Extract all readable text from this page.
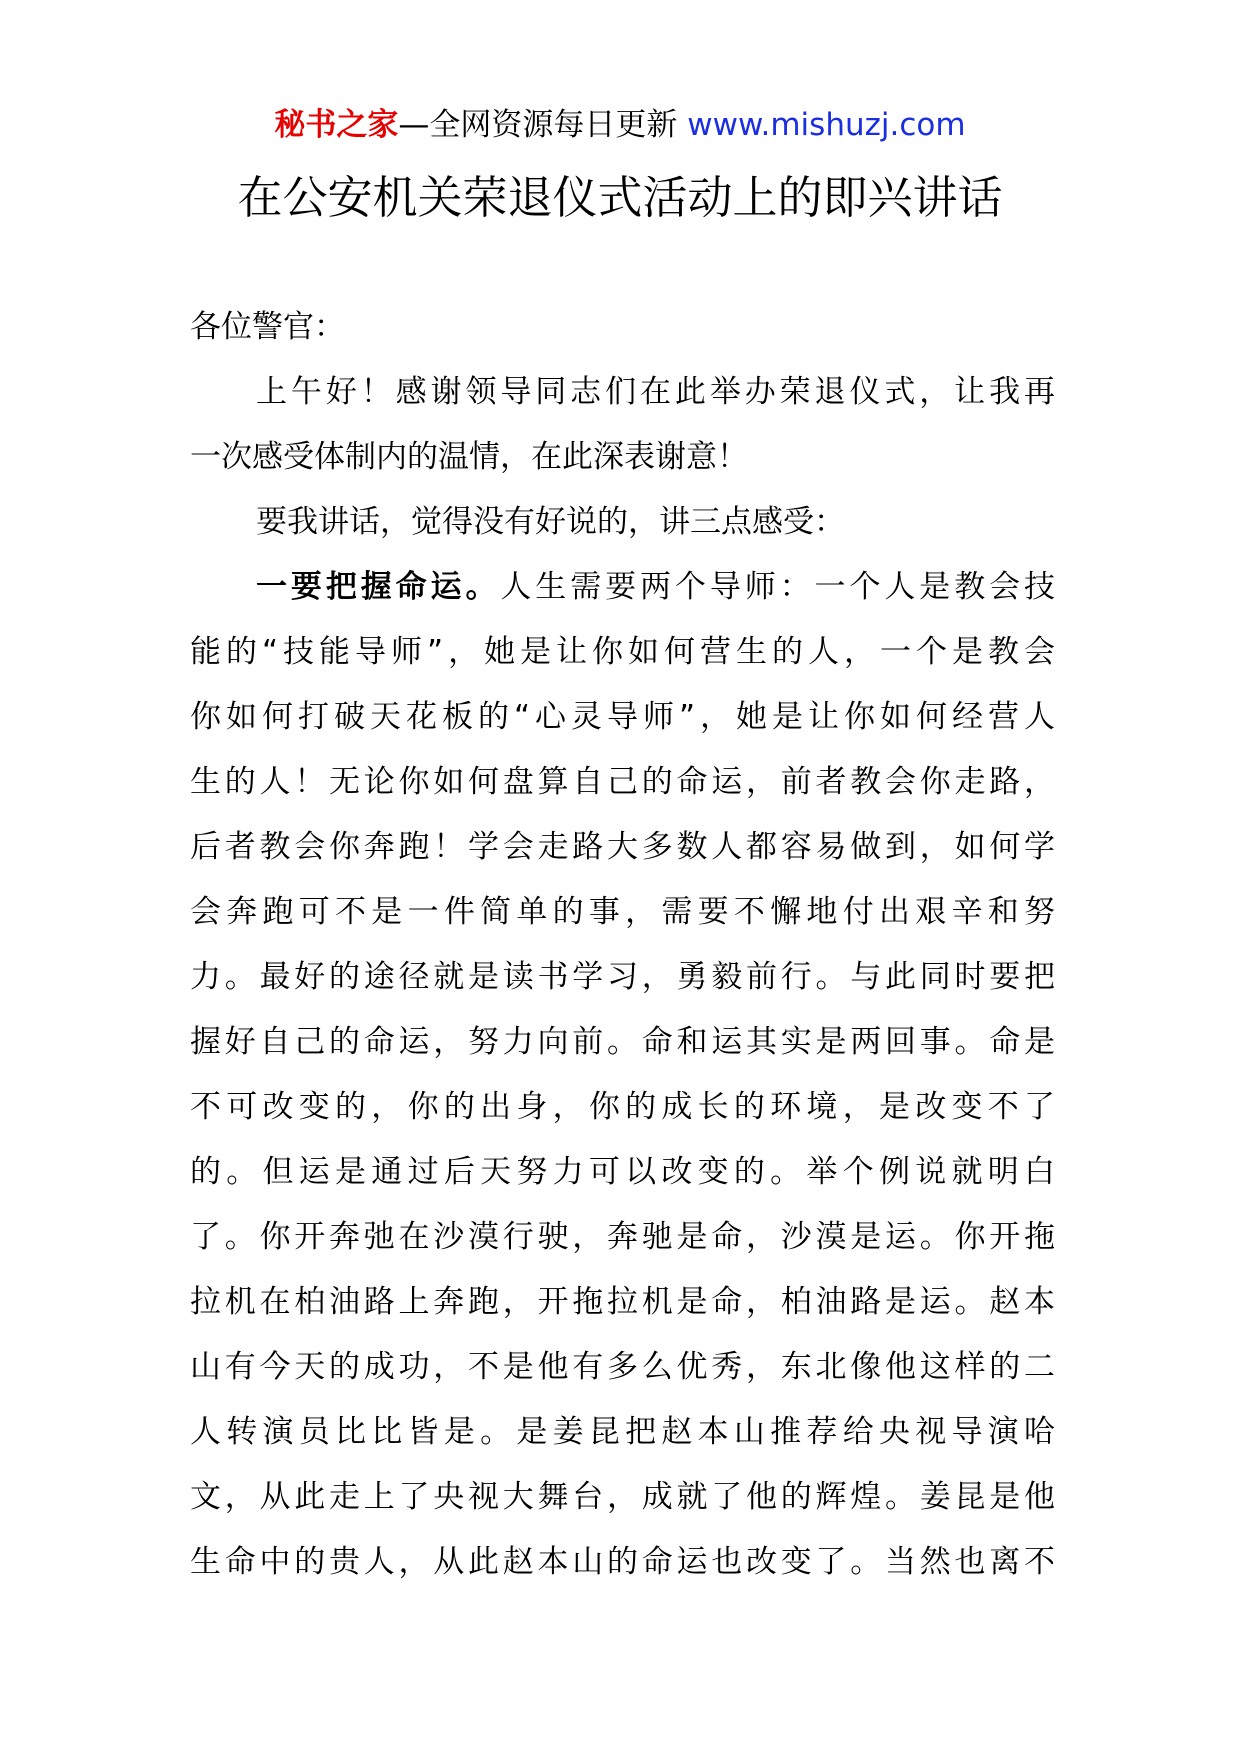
秘书之家—全网资源每日更新 www.mishuzj.com
在公安机关荣退仪式活动上的即兴讲话
各位警官：

上午好！感谢领导同志们在此举办荣退仪式，让我再
一次感受体制内的温情，在此深表谢意！

要我讲话，觉得没有好说的，讲三点感受：

一要把握命运。人生需要两个导师：一个人是教会技
能的“技能导师”，她是让你如何营生的人，一个是教会
你如何打破天花板的“心灵导师”，她是让你如何经营人
生的人！无论你如何盘算自己的命运，前者教会你走路，
后者教会你奔跑！学会走路大多数人都容易做到，如何学
会奔跑可不是一件简单的事，需要不懈地付出艰辛和努
力。最好的途径就是读书学习，勇毅前行。与此同时要把
握好自己的命运，努力向前。命和运其实是两回事。命是
不可改变的，你的出身，你的成长的环境，是改变不了
的。但运是通过后天努力可以改变的。举个例说就明白
了。你开奔弛在沙漠行驶，奔驰是命，沙漠是运。你开拖
拉机在柏油路上奔跑，开拖拉机是命，柏油路是运。赵本
山有今天的成功，不是他有多么优秀，东北像他这样的二
人转演员比比皆是。是姜昆把赵本山推荐给央视导演哈
文，从此走上了央视大舞台，成就了他的辉煌。姜昆是他
生命中的贵人，从此赵本山的命运也改变了。当然也离不
